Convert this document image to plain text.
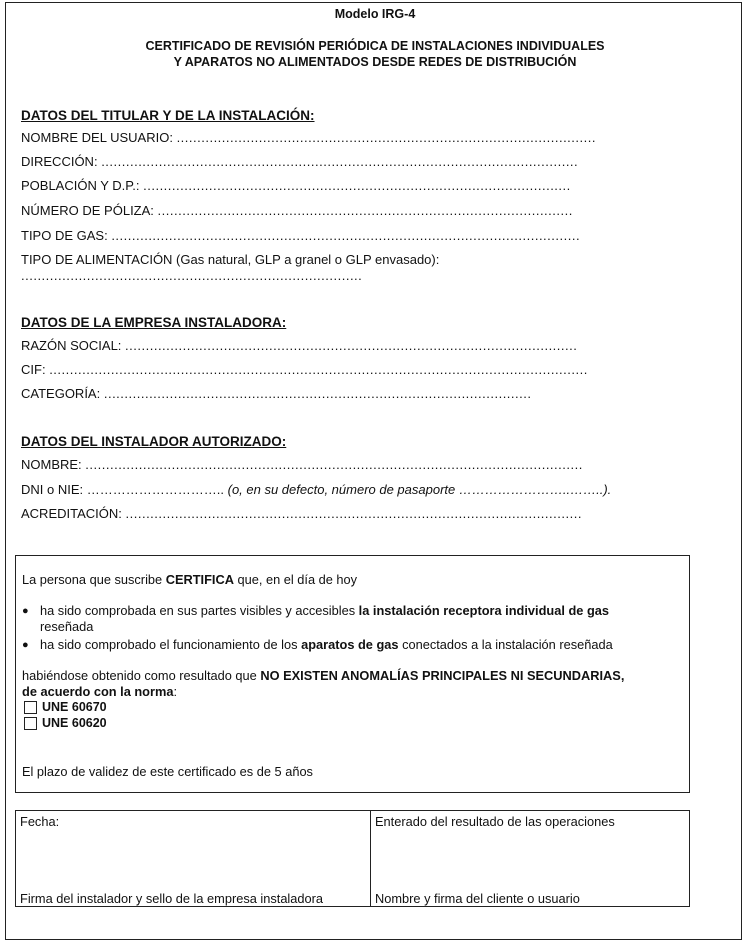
Modelo IRG-4
CERTIFICADO DE REVISIÓN PERIÓDICA DE INSTALACIONES INDIVIDUALES
Y APARATOS NO ALIMENTADOS DESDE REDES DE DISTRIBUCIÓN
DATOS DEL TITULAR Y DE LA INSTALACIÓN:
NOMBRE DEL USUARIO: ......................................................................................................
DIRECCIÓN: ....................................................................................................................
POBLACIÓN Y D.P.: ........................................................................................................
NÚMERO DE PÓLIZA: .....................................................................................................
TIPO DE GAS: ..................................................................................................................
TIPO DE ALIMENTACIÓN (Gas natural, GLP a granel o GLP envasado):
...................................................................................
DATOS DE LA EMPRESA INSTALADORA:
RAZÓN SOCIAL: ..............................................................................................................
CIF: ...................................................................................................................................
CATEGORÍA: ........................................................................................................
DATOS DEL INSTALADOR AUTORIZADO:
NOMBRE: .........................................................................................................................
DNI o NIE: ………………………….. (o, en su defecto, número de pasaporte ……………………..……..).
ACREDITACIÓN: ...............................................................................................................
La persona que suscribe CERTIFICA que, en el día de hoy
● ha sido comprobada en sus partes visibles y accesibles la instalación receptora individual de gas
reseñada
● ha sido comprobado el funcionamiento de los aparatos de gas conectados a la instalación reseñada
habiéndose obtenido como resultado que NO EXISTEN ANOMALÍAS PRINCIPALES NI SECUNDARIAS,
de acuerdo con la norma:
UNE 60670
UNE 60620
El plazo de validez de este certificado es de 5 años
Fecha:	Enterado del resultado de las operaciones
Firma del instalador y sello de la empresa instaladora	Nombre y firma del cliente o usuario
